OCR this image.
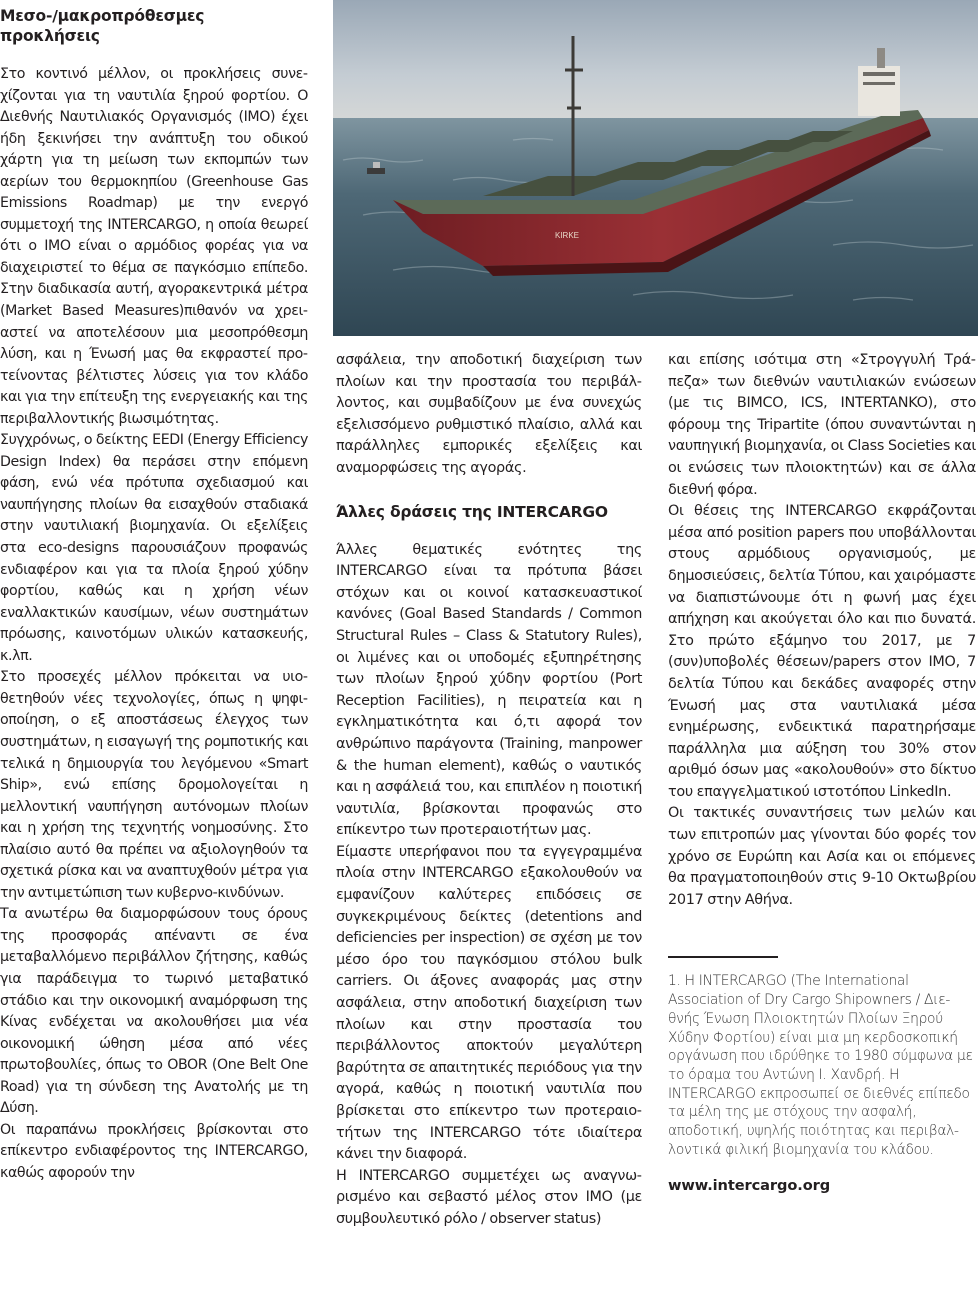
KIRKE
Μεσο-/μακροπρόθεσμες προκλήσεις

Στο κοντινό μέλλον, οι προκλήσεις συνεχίζονται για τη ναυτιλία ξηρού φορτίου. Ο Διεθνής Ναυτιλιακός Οργανισμός (IMO) έχει ήδη ξεκινήσει την ανάπτυξη του οδικού χάρτη για τη μείωση των εκπομπών των αερίων του θερμοκηπίου (Greenhouse Gas Emissions Roadmap) με την ενεργό συμμετοχή της INTERCARGO, η οποία θεωρεί ότι ο IMO είναι ο αρμόδιος φορέας για να διαχειριστεί το θέμα σε παγκόσμιο επίπεδο. Στην διαδικασία αυτή, αγορακεντρικά μέτρα (Market Based Measures)πιθανόν να χρειαστεί να αποτελέσουν μια μεσοπρόθεσμη λύση, και η Ένωσή μας θα εκφραστεί προτείνοντας βέλτιστες λύσεις για τον κλάδο και για την επίτευξη της ενεργειακής και της περιβαλλοντικής βιωσιμότητας.

Συγχρόνως, ο δείκτης EEDI (Energy Efficiency Design Index) θα περάσει στην επόμενη φάση, ενώ νέα πρότυπα σχεδιασμού και ναυπήγησης πλοίων θα εισαχθούν σταδιακά στην ναυτιλιακή βιομηχανία. Οι εξελίξεις στα eco-designs παρουσιάζουν προφανώς ενδιαφέρον και για τα πλοία ξηρού χύδην φορτίου, καθώς και η χρήση νέων εναλλακτικών καυσίμων, νέων συστημάτων πρόωσης, καινοτόμων υλικών κατασκευής, κ.λπ.

Στο προσεχές μέλλον πρόκειται να υιοθετηθούν νέες τεχνολογίες, όπως η ψηφιοποίηση, ο εξ αποστάσεως έλεγχος των συστημάτων, η εισαγωγή της ρομποτικής και τελικά η δημιουργία του λεγόμενου «Smart Ship», ενώ επίσης δρομολογείται η μελλοντική ναυπήγηση αυτόνομων πλοίων και η χρήση της τεχνητής νοημοσύνης. Στο πλαίσιο αυτό θα πρέπει να αξιολογηθούν τα σχετικά ρίσκα και να αναπτυχθούν μέτρα για την αντιμετώπιση των κυβερνο-κινδύνων.

Τα ανωτέρω θα διαμορφώσουν τους όρους της προσφοράς απέναντι σε ένα μεταβαλλόμενο περιβάλλον ζήτησης, καθώς για παράδειγμα το τωρινό μεταβατικό στάδιο και την οικονομική αναμόρφωση της Κίνας ενδέχεται να ακολουθήσει μια νέα οικονομική ώθηση μέσα από νέες πρωτοβουλίες, όπως το OBOR (One Belt One Road) για τη σύνδεση της Ανατολής με τη Δύση.

Οι παραπάνω προκλήσεις βρίσκονται στο επίκεντρο ενδιαφέροντος της INTERCARGO, καθώς αφορούν την

ασφάλεια, την αποδοτική διαχείριση των πλοίων και την προστασία του περιβάλλοντος, και συμβαδίζουν με ένα συνεχώς εξελισσόμενο ρυθμιστικό πλαίσιο, αλλά και παράλληλες εμπορικές εξελίξεις και αναμορφώσεις της αγοράς.

Άλλες δράσεις της INTERCARGO

Άλλες θεματικές ενότητες της INTERCARGO είναι τα πρότυπα βάσει στόχων και οι κοινοί κατασκευαστικοί κανόνες (Goal Based Standards / Common Structural Rules – Class & Statutory Rules), οι λιμένες και οι υποδομές εξυπηρέτησης των πλοίων ξηρού χύδην φορτίου (Port Reception Facilities), η πειρατεία και η εγκληματικότητα και ό,τι αφορά τον ανθρώπινο παράγοντα (Training, manpower & the human element), καθώς ο ναυτικός και η ασφάλειά του, και επιπλέον η ποιοτική ναυτιλία, βρίσκονται προφανώς στο επίκεντρο των προτεραιοτήτων μας.

Είμαστε υπερήφανοι που τα εγγεγραμμένα πλοία στην INTERCARGO εξακολουθούν να εμφανίζουν καλύτερες επιδόσεις σε συγκεκριμένους δείκτες (detentions and deficiencies per inspection) σε σχέση με τον μέσο όρο του παγκόσμιου στόλου bulk carriers. Οι άξονες αναφοράς μας στην ασφάλεια, στην αποδοτική διαχείριση των πλοίων και στην προστασία του περιβάλλοντος αποκτούν μεγαλύτερη βαρύτητα σε απαιτητικές περιόδους για την αγορά, καθώς η ποιοτική ναυτιλία που βρίσκεται στο επίκεντρο των προτεραιοτήτων της INTERCARGO τότε ιδιαίτερα κάνει την διαφορά.

Η INTERCARGO συμμετέχει ως αναγνωρισμένο και σεβαστό μέλος στον IMO (με συμβουλευτικό ρόλο / observer status)

και επίσης ισότιμα στη «Στρογγυλή Τράπεζα» των διεθνών ναυτιλιακών ενώσεων (με τις BIMCO, ICS, INTERTANKO), στο φόρουμ της Tripartite (όπου συναντώνται η ναυπηγική βιομηχανία, οι Class Societies και οι ενώσεις των πλοιοκτητών) και σε άλλα διεθνή φόρα.

Οι θέσεις της INTERCARGO εκφράζονται μέσα από position papers που υποβάλλονται στους αρμόδιους οργανισμούς, με δημοσιεύσεις, δελτία Τύπου, και χαιρόμαστε να διαπιστώνουμε ότι η φωνή μας έχει απήχηση και ακούγεται όλο και πιο δυνατά. Στο πρώτο εξάμηνο του 2017, με 7 (συν)υποβολές θέσεων/papers στον IMO, 7 δελτία Τύπου και δεκάδες αναφορές στην Ένωσή μας στα ναυτιλιακά μέσα ενημέρωσης, ενδεικτικά παρατηρήσαμε παράλληλα μια αύξηση του 30% στον αριθμό όσων μας «ακολουθούν» στο δίκτυο του επαγγελματικού ιστοτόπου LinkedIn.

Οι τακτικές συναντήσεις των μελών και των επιτροπών μας γίνονται δύο φορές τον χρόνο σε Ευρώπη και Ασία και οι επόμενες θα πραγματοποιηθούν στις 9-10 Οκτωβρίου 2017 στην Αθήνα.

1. Η INTERCARGO (The International Association of Dry Cargo Shipowners / Διεθνής Ένωση Πλοιοκτητών Πλοίων Ξηρού Χύδην Φορτίου) είναι μια μη κερδοσκοπική οργάνωση που ιδρύθηκε το 1980 σύμφωνα με το όραμα του Αντώνη Ι. Χανδρή. Η INTERCARGO εκπροσωπεί σε διεθνές επίπεδο τα μέλη της με στόχους την ασφαλή, αποδοτική, υψηλής ποιότητας και περιβαλλοντικά φιλική βιομηχανία του κλάδου.

www.intercargo.org
